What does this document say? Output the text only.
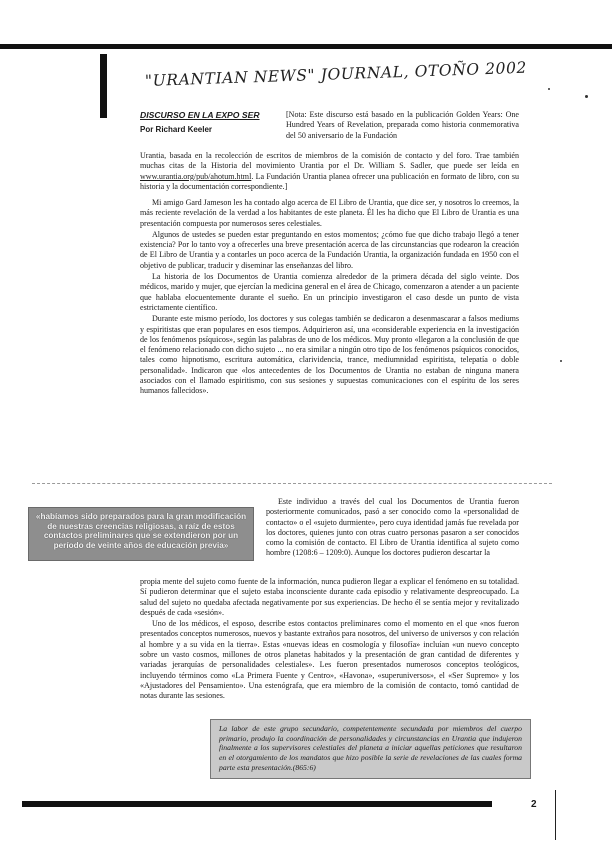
"URANTIAN NEWS" JOURNAL, OTOÑO 2002
DISCURSO EN LA EXPO SER
Por Richard Keeler

[Nota: Este discurso está basado en la publicación Golden Years: One Hundred Years of Revelation, preparada como historia conmemorativa del 50 aniversario de la Fundación

Urantia, basada en la recolección de escritos de miembros de la comisión de contacto y del foro. Trae también muchas citas de la Historia del movimiento Urantia por el Dr. William S. Sadler, que puede ser leída en www.urantia.org/pub/ahotum.html. La Fundación Urantia planea ofrecer una publicación en formato de libro, con su historia y la documentación correspondiente.]

Mi amigo Gard Jameson les ha contado algo acerca de El Libro de Urantia, que dice ser, y nosotros lo creemos, la más reciente revelación de la verdad a los habitantes de este planeta. Él les ha dicho que El Libro de Urantia es una presentación compuesta por numerosos seres celestiales.

Algunos de ustedes se pueden estar preguntando en estos momentos; ¿cómo fue que dicho trabajo llegó a tener existencia? Por lo tanto voy a ofrecerles una breve presentación acerca de las circunstancias que rodearon la creación de El Libro de Urantia y a contarles un poco acerca de la Fundación Urantia, la organización fundada en 1950 con el objetivo de publicar, traducir y diseminar las enseñanzas del libro.

La historia de los Documentos de Urantia comienza alrededor de la primera década del siglo veinte. Dos médicos, marido y mujer, que ejercían la medicina general en el área de Chicago, comenzaron a atender a un paciente que hablaba elocuentemente durante el sueño. En un principio investigaron el caso desde un punto de vista estrictamente científico.

Durante este mismo período, los doctores y sus colegas también se dedicaron a desenmascarar a falsos mediums y espiritistas que eran populares en esos tiempos. Adquirieron así, una «considerable experiencia en la investigación de los fenómenos psíquicos», según las palabras de uno de los médicos. Muy pronto «llegaron a la conclusión de que el fenómeno relacionado con dicho sujeto ... no era similar a ningún otro tipo de los fenómenos psíquicos conocidos, tales como hipnotismo, escritura automática, clarividencia, trance, mediumnidad espiritista, telepatía o doble personalidad». Indicaron que «los antecedentes de los Documentos de Urantia no estaban de ninguna manera asociados con el llamado espiritismo, con sus sesiones y supuestas comunicaciones con el espíritu de los seres humanos fallecidos».

«habíamos sido preparados para la gran modificación de nuestras creencias religiosas, a raíz de estos contactos preliminares que se extendieron por un período de veinte años de educación previa»

Este individuo a través del cual los Documentos de Urantia fueron posteriormente comunicados, pasó a ser conocido como la «personalidad de contacto» o el «sujeto durmiente», pero cuya identidad jamás fue revelada por los doctores, quienes junto con otras cuatro personas pasaron a ser conocidos como la comisión de contacto. El Libro de Urantia identifica al sujeto como hombre (1208:6 – 1209:0). Aunque los doctores pudieron descartar la

propia mente del sujeto como fuente de la información, nunca pudieron llegar a explicar el fenómeno en su totalidad. Sí pudieron determinar que el sujeto estaba inconsciente durante cada episodio y relativamente despreocupado. La salud del sujeto no quedaba afectada negativamente por sus experiencias. De hecho él se sentía mejor y revitalizado después de cada «sesión».

Uno de los médicos, el esposo, describe estos contactos preliminares como el momento en el que «nos fueron presentados conceptos numerosos, nuevos y bastante extraños para nosotros, del universo de universos y con relación al hombre y a su vida en la tierra». Estas «nuevas ideas en cosmología y filosofía» incluían «un nuevo concepto sobre un vasto cosmos, millones de otros planetas habitados y la presentación de gran cantidad de diferentes y variadas jerarquías de personalidades celestiales». Les fueron presentados numerosos conceptos teológicos, incluyendo términos como «La Primera Fuente y Centro», «Havona», «superuniversos», el «Ser Supremo» y los «Ajustadores del Pensamiento». Una estenógrafa, que era miembro de la comisión de contacto, tomó cantidad de notas durante las sesiones.

La labor de este grupo secundario, competentemente secundada por miembros del cuerpo primario, produjo la coordinación de personalidades y circunstancias en Urantia que indujeron finalmente a los supervisores celestiales del planeta a iniciar aquellas peticiones que resultaron en el otorgamiento de los mandatos que hizo posible la serie de revelaciones de las cuales forma parte esta presentación.(865:6)

2
